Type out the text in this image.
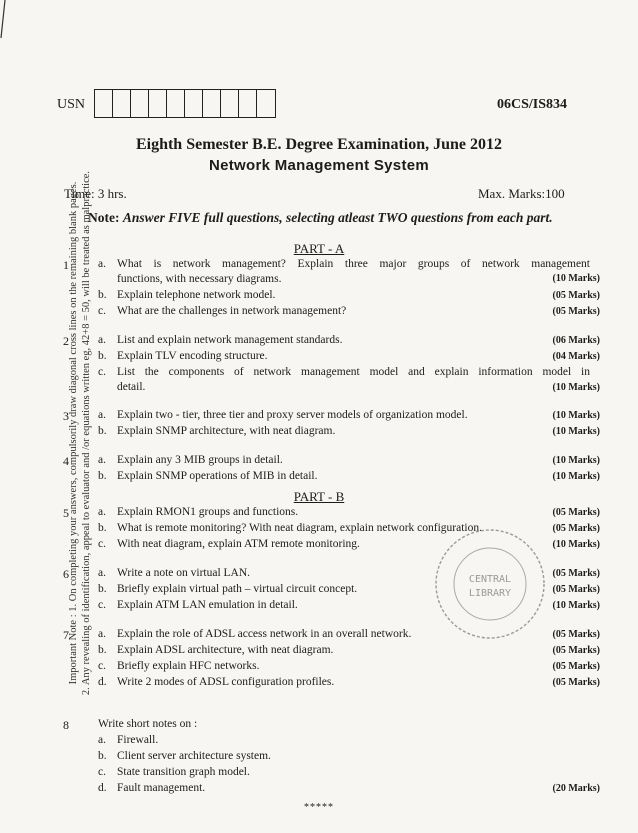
USN	06CS/IS834
Eighth Semester B.E. Degree Examination, June 2012
Network Management System
Time: 3 hrs.	Max. Marks:100
Note: Answer FIVE full questions, selecting atleast TWO questions from each part.
Important Note : 1. On completing your answers, compulsorily draw diagonal cross lines on the remaining blank pages. 2. Any revealing of identification, appeal to evaluator and /or equations written eg, 42+8 = 50, will be treated as malpractice.	PART - A
1	a. What is network management? Explain three major groups of network management
functions, with necessary diagrams.	(10 Marks)
b. Explain telephone network model.	(05 Marks)
c. What are the challenges in network management?	(05 Marks)
2	a. List and explain network management standards.	(06 Marks)
b. Explain TLV encoding structure.	(04 Marks)
c. List the components of network management model and explain information model in
detail.	(10 Marks)
3	a. Explain two - tier, three tier and proxy server models of organization model.	(10 Marks)
b. Explain SNMP architecture, with neat diagram.	(10 Marks)
4	a. Explain any 3 MIB groups in detail.	(10 Marks)
b. Explain SNMP operations of MIB in detail.	(10 Marks)
PART - B
5	a. Explain RMON1 groups and functions.	(05 Marks)
b. What is remote monitoring? With neat diagram, explain network configuration.	(05 Marks)
c. With neat diagram, explain ATM remote monitoring.	(10 Marks)
6	a. Write a note on virtual LAN.	(05 Marks)
b. Briefly explain virtual path – virtual circuit concept.	(05 Marks)
c. Explain ATM LAN emulation in detail.	(10 Marks)
7	a. Explain the role of ADSL access network in an overall network.	(05 Marks)
b. Explain ADSL architecture, with neat diagram.	(05 Marks)
c. Briefly explain HFC networks.	(05 Marks)
d. Write 2 modes of ADSL configuration profiles.	(05 Marks)
8	Write short notes on :
a. Firewall.
b. Client server architecture system.
c. State transition graph model.
d. Fault management.	(20 Marks)
CENTRAL
LIBRARY
*****
